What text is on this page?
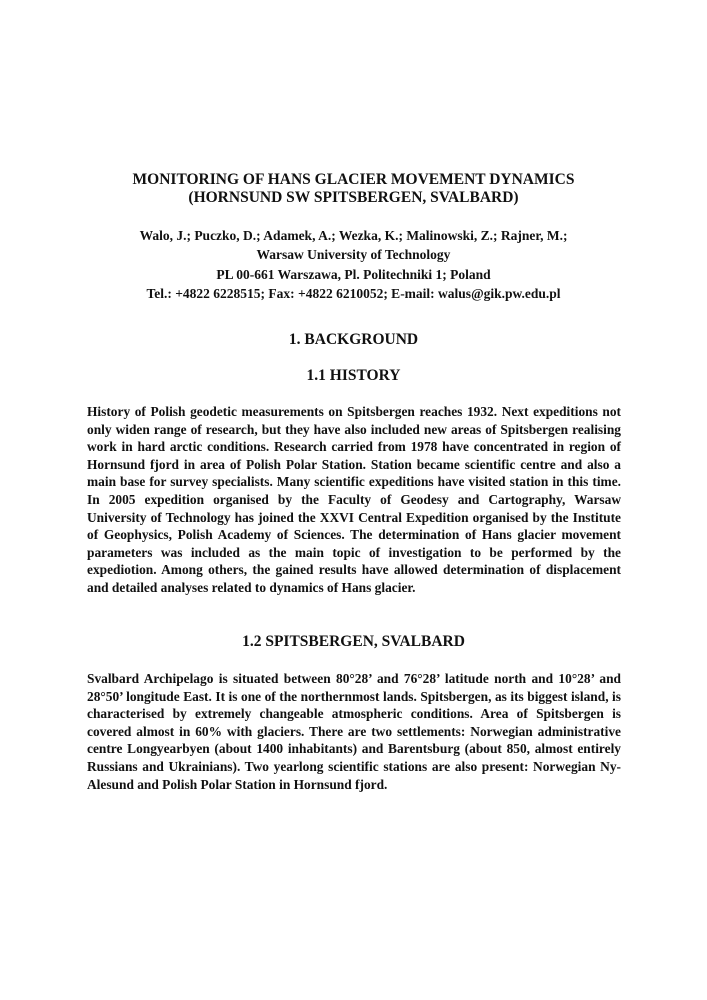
MONITORING OF HANS GLACIER MOVEMENT DYNAMICS
(HORNSUND SW SPITSBERGEN, SVALBARD)
Walo, J.; Puczko, D.; Adamek, A.; Wezka, K.; Malinowski, Z.; Rajner, M.;
Warsaw University of Technology
PL 00-661 Warszawa, Pl. Politechniki 1; Poland
Tel.: +4822 6228515; Fax: +4822 6210052; E-mail: walus@gik.pw.edu.pl
1. BACKGROUND
1.1 HISTORY

History of Polish geodetic measurements on Spitsbergen reaches 1932. Next expeditions not only widen range of research, but they have also included new areas of Spitsbergen realising work in hard arctic conditions. Research carried from 1978 have concentrated in region of Hornsund fjord in area of Polish Polar Station. Station became scientific centre and also a main base for survey specialists. Many scientific expeditions have visited station in this time. In 2005 expedition organised by the Faculty of Geodesy and Cartography, Warsaw University of Technology has joined the XXVI Central Expedition organised by the Institute of Geophysics, Polish Academy of Sciences. The determination of Hans glacier movement parameters was included as the main topic of investigation to be performed by the expediotion. Among others, the gained results have allowed determination of displacement and detailed analyses related to dynamics of Hans glacier.

1.2 SPITSBERGEN, SVALBARD

Svalbard Archipelago is situated between 80°28’ and 76°28’ latitude north and 10°28’ and 28°50’ longitude East. It is one of the northernmost lands. Spitsbergen, as its biggest island, is characterised by extremely changeable atmospheric conditions. Area of Spitsbergen is covered almost in 60% with glaciers. There are two settlements: Norwegian administrative centre Longyearbyen (about 1400 inhabitants) and Barentsburg (about 850, almost entirely Russians and Ukrainians). Two yearlong scientific stations are also present: Norwegian Ny-Alesund and Polish Polar Station in Hornsund fjord.
